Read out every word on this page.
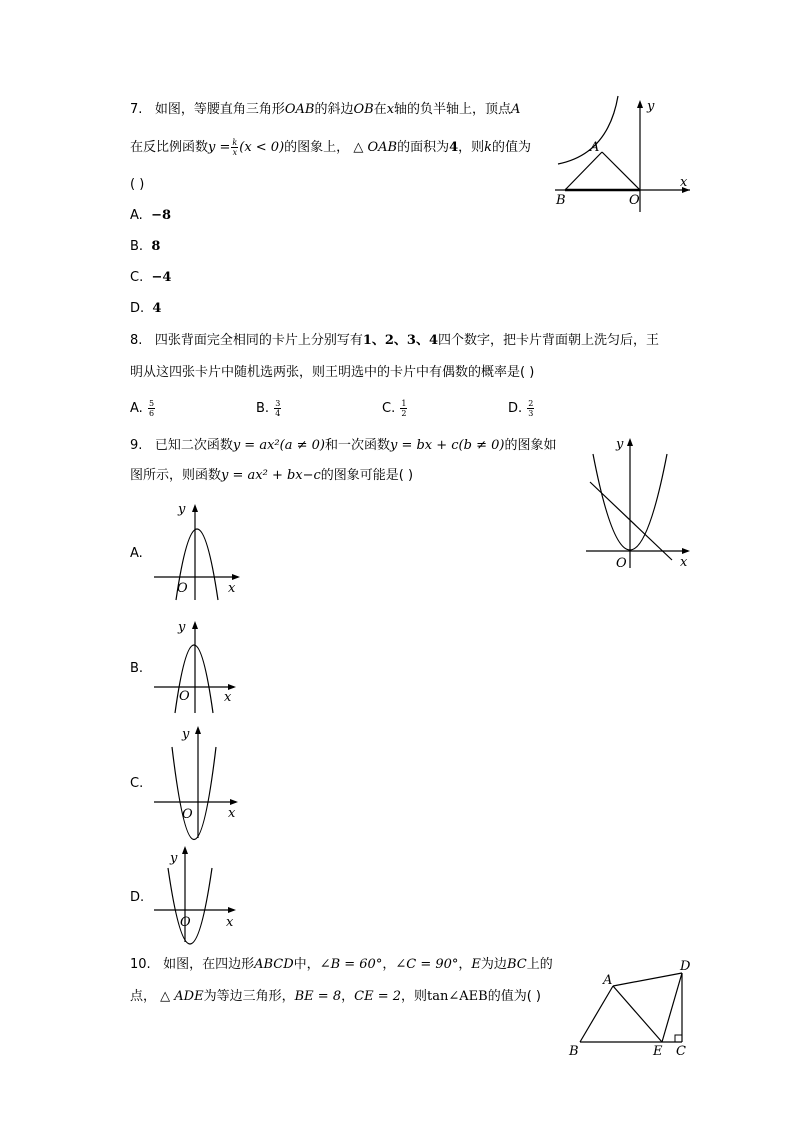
7. 如图，等腰直角三角形OAB的斜边OB在x轴的负半轴上，顶点A
在反比例函数$y = \frac{k}{x} (x < 0)$的图象上， △ OAB的面积为4，则k的值为
( )
A. −8
B. 8
C. −4
D. 4
y
x
A
B	O
8. 四张背面完全相同的卡片上分别写有1、2、3、4四个数字，把卡片背面朝上洗匀后，王
明从这四张卡片中随机选两张，则王明选中的卡片中有偶数的概率是( )
A. $\frac{5}{6}$	B. $\frac{3}{4}$	C. $\frac{1}{2}$	D. $\frac{2}{3}$
9. 已知二次函数y = ax²(a ≠ 0)和一次函数y = bx + c(b ≠ 0)的图象如
图所示，则函数y = ax² + bx−c的图象可能是( )
y
x
O
A.
y
x
O
B.
y
x
O
C.
y
x
O
D.
y
x
O
10. 如图，在四边形ABCD中，∠B = 60°，∠C = 90°，E为边BC上的
点， △ ADE为等边三角形，BE = 8，CE = 2，则tan∠AEB的值为( )
A
B	C
D
E
